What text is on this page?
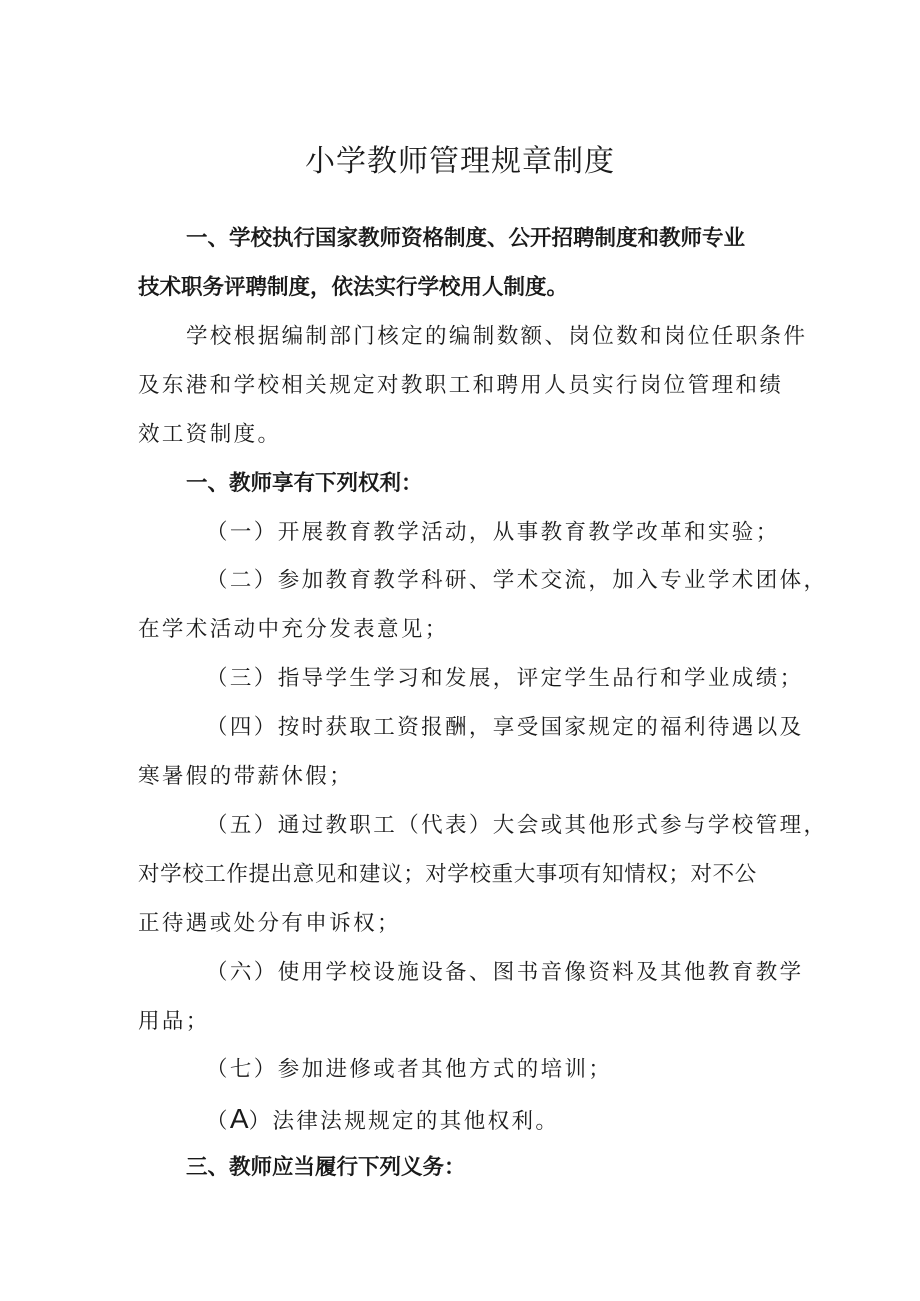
小学教师管理规章制度

一、学校执行国家教师资格制度、公开招聘制度和教师专业

技术职务评聘制度，依法实行学校用人制度。

学校根据编制部门核定的编制数额、岗位数和岗位任职条件

及东港和学校相关规定对教职工和聘用人员实行岗位管理和绩

效工资制度。

一、教师享有下列权利：

（一）开展教育教学活动，从事教育教学改革和实验；

（二）参加教育教学科研、学术交流，加入专业学术团体，

在学术活动中充分发表意见；

（三）指导学生学习和发展，评定学生品行和学业成绩；

（四）按时获取工资报酬，享受国家规定的福利待遇以及

寒暑假的带薪休假；

（五）通过教职工（代表）大会或其他形式参与学校管理，

对学校工作提出意见和建议；对学校重大事项有知情权；对不公

正待遇或处分有申诉权；

（六）使用学校设施设备、图书音像资料及其他教育教学

用品；

（七）参加进修或者其他方式的培训；

（A）法律法规规定的其他权利。

三、教师应当履行下列义务：
